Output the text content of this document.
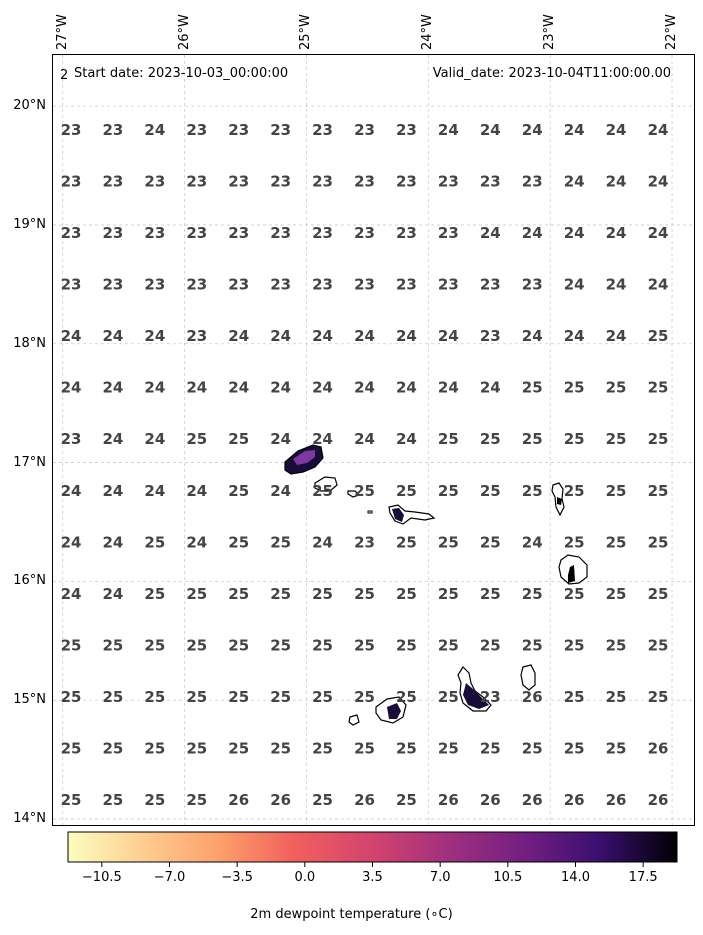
27°W	26°W	25°W	24°W	23°W	22°W
20°N
19°N
18°N
17°N
16°N
15°N
14°N
23 23 24 23 23 23 23 23 23 24 24 24 24 24 24
23 23 23 23 23 23 23 23 23 23 23 23 24 24 24
23 23 23 23 23 23 23 23 23 23 24 24 24 24 24
23 23 23 23 23 23 23 23 23 23 23 23 24 24 24
24 24 24 23 24 24 24 24 24 24 23 24 24 24 25
24 24 24 24 24 24 24 24 24 24 24 25 25 25 25
23 24 24 25 25 24 24 24 24 25 25 25 25 25 25
24 24 24 24 25 24 25 25 25 25 25 25 25 25 25
24 24 25 24 25 25 24 23 25 25 25 24 25 25 25
24 24 25 25 25 25 25 25 25 25 25 25 25 25 25
25 25 25 25 25 25 25 25 25 25 25 25 25 25 25
25 25 25 25 25 25 25 25 25 25 23 26 25 25 25
25 25 25 25 25 25 25 25 25 25 25 25 25 25 26
25 25 25 25 26 26 25 26 25 26 26 26 26 26 26
2 Start date: 2023-10-03_00:00:00	Valid_date: 2023-10-04T11:00:00.00
−10.5 −7.0	−3.5	0.0	3.5	7.0	10.5	14.0	17.5
2m dewpoint temperature (∘C)
